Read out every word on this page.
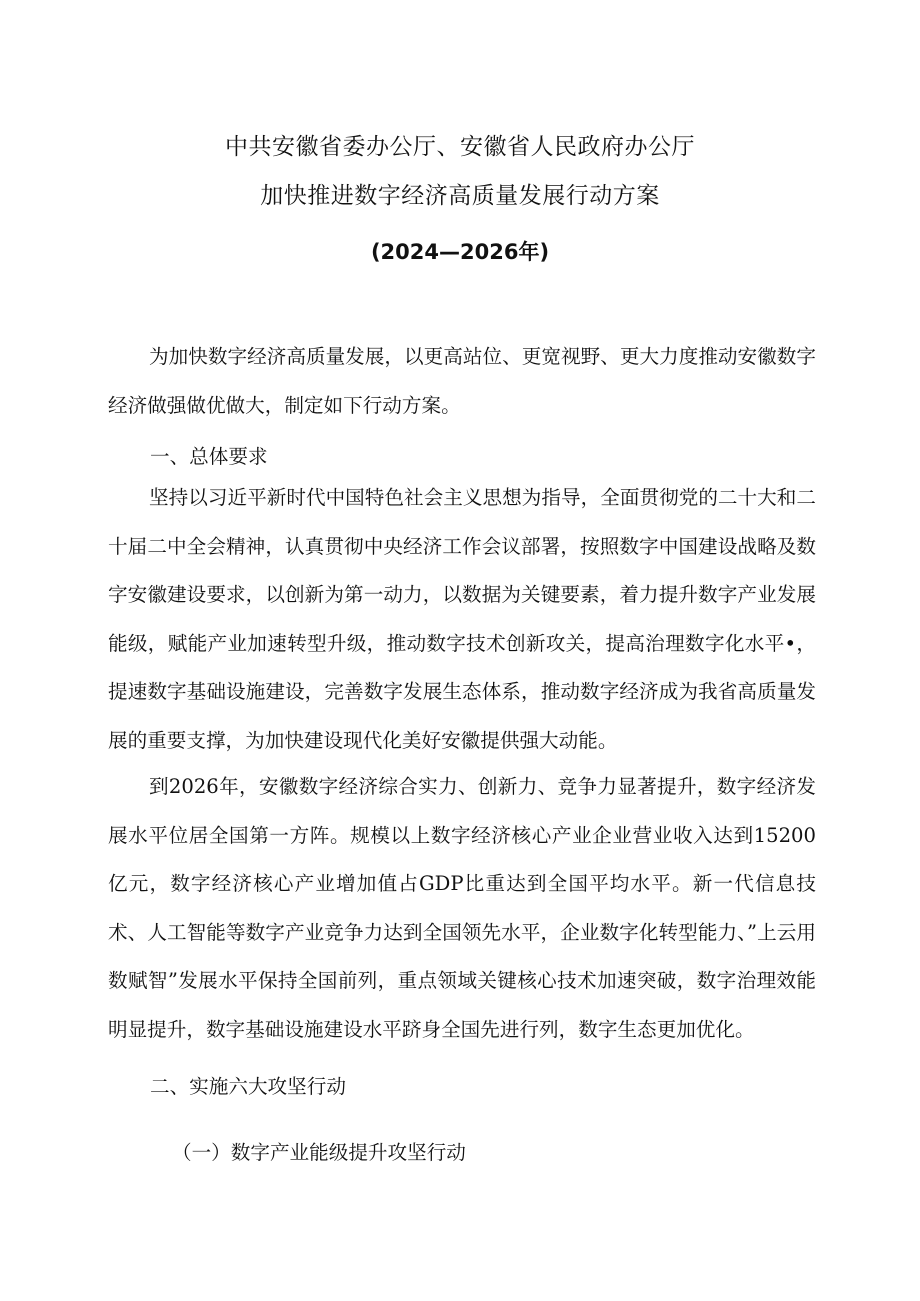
中共安徽省委办公厅、安徽省人民政府办公厅
加快推进数字经济高质量发展行动方案
(2024—2026年)

为加快数字经济高质量发展，以更高站位、更宽视野、更大力度推动安徽数字经济做强做优做大，制定如下行动方案。

一、总体要求

坚持以习近平新时代中国特色社会主义思想为指导，全面贯彻党的二十大和二十届二中全会精神，认真贯彻中央经济工作会议部署，按照数字中国建设战略及数字安徽建设要求，以创新为第一动力，以数据为关键要素，着力提升数字产业发展能级，赋能产业加速转型升级，推动数字技术创新攻关，提高治理数字化水平•，提速数字基础设施建设，完善数字发展生态体系，推动数字经济成为我省高质量发展的重要支撑，为加快建设现代化美好安徽提供强大动能。

到2026年，安徽数字经济综合实力、创新力、竞争力显著提升，数字经济发展水平位居全国第一方阵。规模以上数字经济核心产业企业营业收入达到15200亿元，数字经济核心产业增加值占GDP比重达到全国平均水平。新一代信息技术、人工智能等数字产业竞争力达到全国领先水平，企业数字化转型能力、”上云用数赋智”发展水平保持全国前列，重点领域关键核心技术加速突破，数字治理效能明显提升，数字基础设施建设水平跻身全国先进行列，数字生态更加优化。

二、实施六大攻坚行动

（一）数字产业能级提升攻坚行动
